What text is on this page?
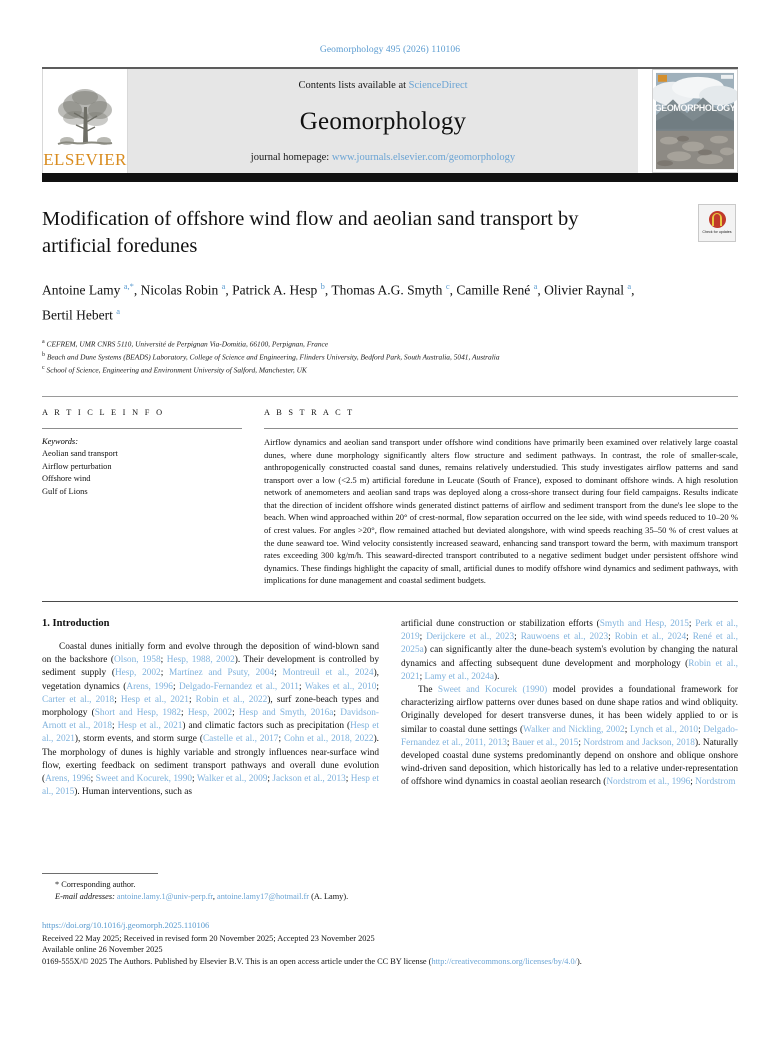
Geomorphology 495 (2026) 110106
ELSEVIER
Contents lists available at ScienceDirect
Geomorphology
journal homepage: www.journals.elsevier.com/geomorphology
GEOMORPHOLOGY
Check for updates
Modification of offshore wind flow and aeolian sand transport by artificial foredunes
Antoine Lamy $^{a,*}$, Nicolas Robin $^a$, Patrick A. Hesp $^b$, Thomas A.G. Smyth $^c$, Camille René $^a$, Olivier Raynal $^a$, Bertil Hebert $^a$
$^a$ CEFREM, UMR CNRS 5110, Université de Perpignan Via-Domitia, 66100, Perpignan, France
$^b$ Beach and Dune Systems (BEADS) Laboratory, College of Science and Engineering, Flinders University, Bedford Park, South Australia, 5041, Australia
$^c$ School of Science, Engineering and Environment University of Salford, Manchester, UK
A R T I C L E I N F O
Keywords:
Aeolian sand transport
Airflow perturbation
Offshore wind
Gulf of Lions
A B S T R A C T
Airflow dynamics and aeolian sand transport under offshore wind conditions have primarily been examined over relatively large coastal dunes, where dune morphology significantly alters flow structure and sediment pathways. In contrast, the role of smaller-scale, anthropogenically constructed coastal sand dunes, remains relatively understudied. This study investigates airflow patterns and sand transport over a low (<2.5 m) artificial foredune in Leucate (South of France), exposed to dominant offshore winds. A high resolution network of anemometers and aeolian sand traps was deployed along a cross-shore transect during four field campaigns. Results indicate that the direction of incident offshore winds generated distinct patterns of airflow and sediment transport from the dune's lee slope to the beach. When wind approached within 20° of crest-normal, flow separation occurred on the lee side, with wind speeds reduced to 10–20 % of crest values. For angles >20°, flow remained attached but deviated alongshore, with wind speeds reaching 35–50 % of crest values at the dune seaward toe. Wind velocity consistently increased seaward, enhancing sand transport toward the berm, with maximum transport rates exceeding 300 kg/m/h. This seaward-directed transport contributed to a negative sediment budget under persistent offshore wind dynamics. These findings highlight the capacity of small, artificial dunes to modify offshore wind dynamics and sediment pathways, with implications for dune management and coastal sediment budgets.
1. Introduction

Coastal dunes initially form and evolve through the deposition of wind-blown sand on the backshore (Olson, 1958; Hesp, 1988, 2002). Their development is controlled by sediment supply (Hesp, 2002; Martínez and Psuty, 2004; Montreuil et al., 2024), vegetation dynamics (Arens, 1996; Delgado-Fernandez et al., 2011; Wakes et al., 2010; Carter et al., 2018; Hesp et al., 2021; Robin et al., 2022), surf zone-beach types and morphology (Short and Hesp, 1982; Hesp, 2002; Hesp and Smyth, 2016a; Davidson-Arnott et al., 2018; Hesp et al., 2021) and climatic factors such as precipitation (Hesp et al., 2021), storm events, and storm surge (Castelle et al., 2017; Cohn et al., 2018, 2022). The morphology of dunes is highly variable and strongly influences near-surface wind flow, exerting feedback on sediment transport pathways and overall dune evolution (Arens, 1996; Sweet and Kocurek, 1990; Walker et al., 2009; Jackson et al., 2013; Hesp et al., 2015). Human interventions, such as

artificial dune construction or stabilization efforts (Smyth and Hesp, 2015; Perk et al., 2019; Derijckere et al., 2023; Rauwoens et al., 2023; Robin et al., 2024; René et al., 2025a) can significantly alter the dune-beach system's evolution by changing the natural dynamics and affecting subsequent dune development and morphology (Robin et al., 2021; Lamy et al., 2024a).

The Sweet and Kocurek (1990) model provides a foundational framework for characterizing airflow patterns over dunes based on dune shape ratios and wind obliquity. Originally developed for desert transverse dunes, it has been widely applied to or is similar to coastal dune settings (Walker and Nickling, 2002; Lynch et al., 2010; Delgado-Fernandez et al., 2011, 2013; Bauer et al., 2015; Nordstrom and Jackson, 2018). Naturally developed coastal dune systems predominantly depend on onshore and oblique onshore wind-driven sand deposition, which historically has led to a relative under-representation of offshore wind dynamics in coastal aeolian research (Nordstrom et al., 1996; Nordstrom

* Corresponding author.
E-mail addresses: antoine.lamy.1@univ-perp.fr, antoine.lamy17@hotmail.fr (A. Lamy).
https://doi.org/10.1016/j.geomorph.2025.110106
Received 22 May 2025; Received in revised form 20 November 2025; Accepted 23 November 2025
Available online 26 November 2025
0169-555X/© 2025 The Authors. Published by Elsevier B.V. This is an open access article under the CC BY license (http://creativecommons.org/licenses/by/4.0/).
